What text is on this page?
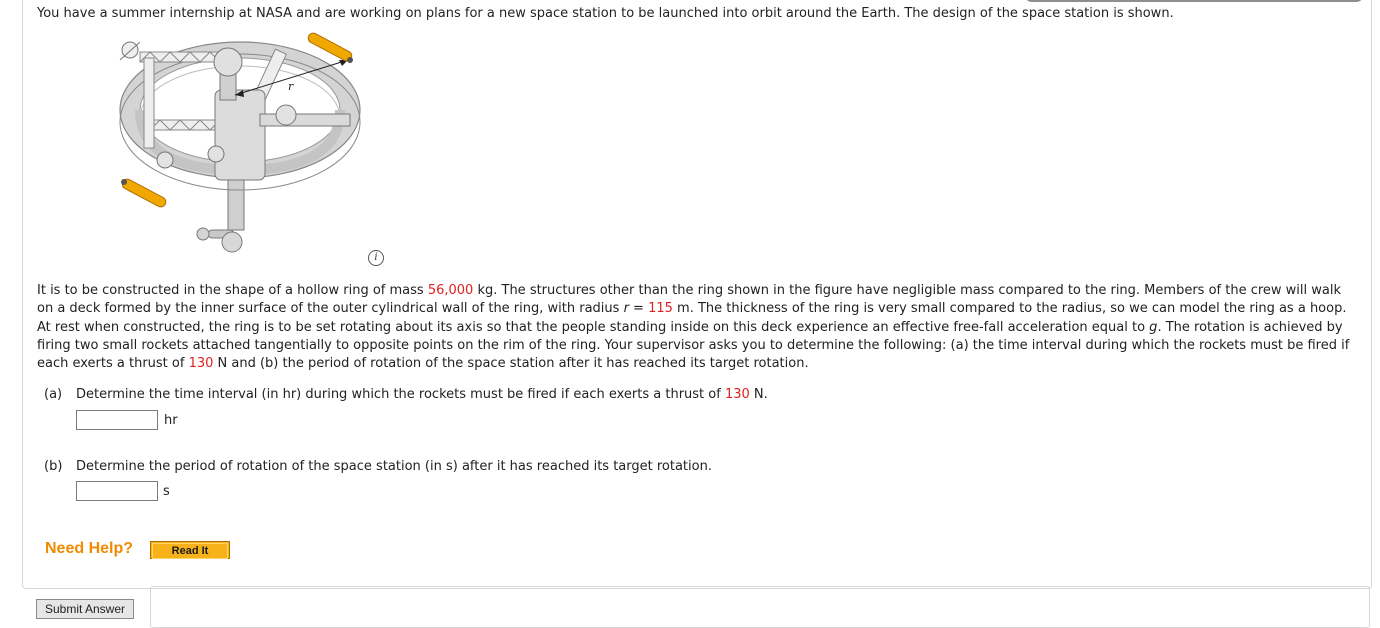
You have a summer internship at NASA and are working on plans for a new space station to be launched into orbit around the Earth. The design of the space station is shown.
r
i
It is to be constructed in the shape of a hollow ring of mass 56,000 kg. The structures other than the ring shown in the figure have negligible mass compared to the ring. Members of the crew will walk on a deck formed by the inner surface of the outer cylindrical wall of the ring, with radius r = 115 m. The thickness of the ring is very small compared to the radius, so we can model the ring as a hoop. At rest when constructed, the ring is to be set rotating about its axis so that the people standing inside on this deck experience an effective free-fall acceleration equal to g. The rotation is achieved by firing two small rockets attached tangentially to opposite points on the rim of the ring. Your supervisor asks you to determine the following: (a) the time interval during which the rockets must be fired if each exerts a thrust of 130 N and (b) the period of rotation of the space station after it has reached its target rotation.
(a) Determine the time interval (in hr) during which the rockets must be fired if each exerts a thrust of 130 N.
hr
(b) Determine the period of rotation of the space station (in s) after it has reached its target rotation.
s
Need Help?	Read It
Submit Answer
